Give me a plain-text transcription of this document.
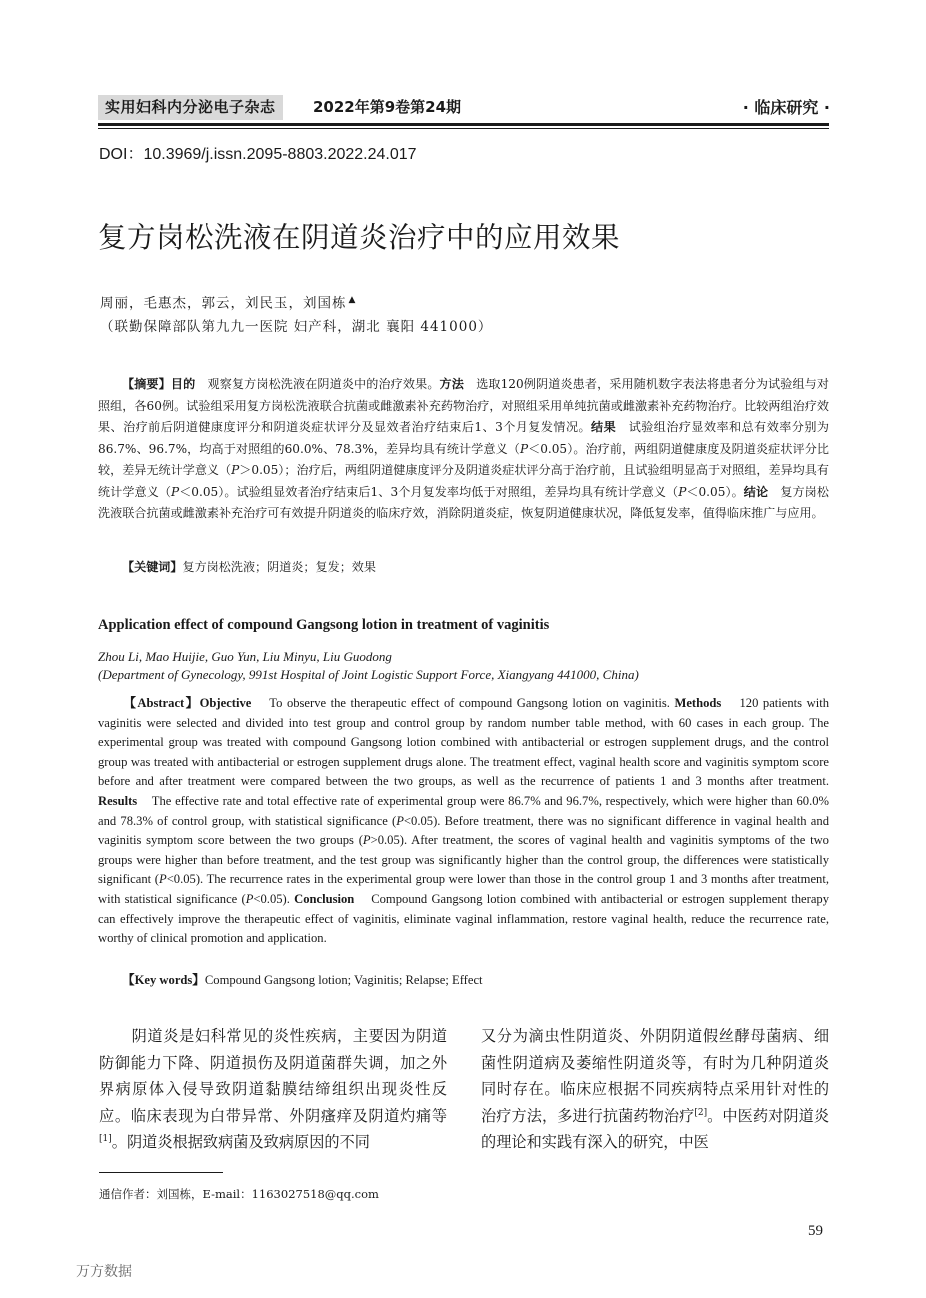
实用妇科内分泌电子杂志	2022年第9卷第24期	· 临床研究 ·
DOI：10.3969/j.issn.2095-8803.2022.24.017
复方岗松洗液在阴道炎治疗中的应用效果
周丽，毛惠杰，郭云，刘民玉，刘国栋 ▲
（联勤保障部队第九九一医院 妇产科，湖北 襄阳 441000）
【摘要】目的　 观察复方岗松洗液在阴道炎中的治疗效果。方法　 选取120例阴道炎患者，采用随机数字表法将患者分为试验组与对照组，各60例。试验组采用复方岗松洗液联合抗菌或雌激素补充药物治疗，对照组采用单纯抗菌或雌激素补充药物治疗。比较两组治疗效果、治疗前后阴道健康度评分和阴道炎症状评分及显效者治疗结束后1、3个月复发情况。结果　 试验组治疗显效率和总有效率分别为86.7%、96.7%，均高于对照组的60.0%、78.3%，差异均具有统计学意义（P＜0.05）。治疗前，两组阴道健康度及阴道炎症状评分比较，差异无统计学意义（P＞0.05）；治疗后，两组阴道健康度评分及阴道炎症状评分高于治疗前，且试验组明显高于对照组，差异均具有统计学意义（P＜0.05）。试验组显效者治疗结束后1、3个月复发率均低于对照组，差异均具有统计学意义（P＜0.05）。结论　 复方岗松洗液联合抗菌或雌激素补充治疗可有效提升阴道炎的临床疗效，消除阴道炎症，恢复阴道健康状况，降低复发率，值得临床推广与应用。
【关键词】复方岗松洗液；阴道炎；复发；效果
Application effect of compound Gangsong lotion in treatment of vaginitis
Zhou Li, Mao Huijie, Guo Yun, Liu Minyu, Liu Guodong
(Department of Gynecology, 991st Hospital of Joint Logistic Support Force, Xiangyang 441000, China)
【Abstract】Objective To observe the therapeutic effect of compound Gangsong lotion on vaginitis. Methods 120 patients with vaginitis were selected and divided into test group and control group by random number table method, with 60 cases in each group. The experimental group was treated with compound Gangsong lotion combined with antibacterial or estrogen supplement drugs, and the control group was treated with antibacterial or estrogen supplement drugs alone. The treatment effect, vaginal health score and vaginitis symptom score before and after treatment were compared between the two groups, as well as the recurrence of patients 1 and 3 months after treatment. Results The effective rate and total effective rate of experimental group were 86.7% and 96.7%, respectively, which were higher than 60.0% and 78.3% of control group, with statistical significance (P<0.05). Before treatment, there was no significant difference in vaginal health and vaginitis symptom score between the two groups (P>0.05). After treatment, the scores of vaginal health and vaginitis symptoms of the two groups were higher than before treatment, and the test group was significantly higher than the control group, the differences were statistically significant (P<0.05). The recurrence rates in the experimental group were lower than those in the control group 1 and 3 months after treatment, with statistical significance (P<0.05). Conclusion Compound Gangsong lotion combined with antibacterial or estrogen supplement therapy can effectively improve the therapeutic effect of vaginitis, eliminate vaginal inflammation, restore vaginal health, reduce the recurrence rate, worthy of clinical promotion and application.
【Key words】Compound Gangsong lotion; Vaginitis; Relapse; Effect
阴道炎是妇科常见的炎性疾病，主要因为阴道防御能力下降、阴道损伤及阴道菌群失调，加之外界病原体入侵导致阴道黏膜结缔组织出现炎性反应。临床表现为白带异常、外阴瘙痒及阴道灼痛等[1]。阴道炎根据致病菌及致病原因的不同
又分为滴虫性阴道炎、外阴阴道假丝酵母菌病、细菌性阴道病及萎缩性阴道炎等，有时为几种阴道炎同时存在。临床应根据不同疾病特点采用针对性的治疗方法，多进行抗菌药物治疗[2]。中医药对阴道炎的理论和实践有深入的研究，中医
通信作者：刘国栋，E-mail：1163027518@qq.com
59
万方数据
